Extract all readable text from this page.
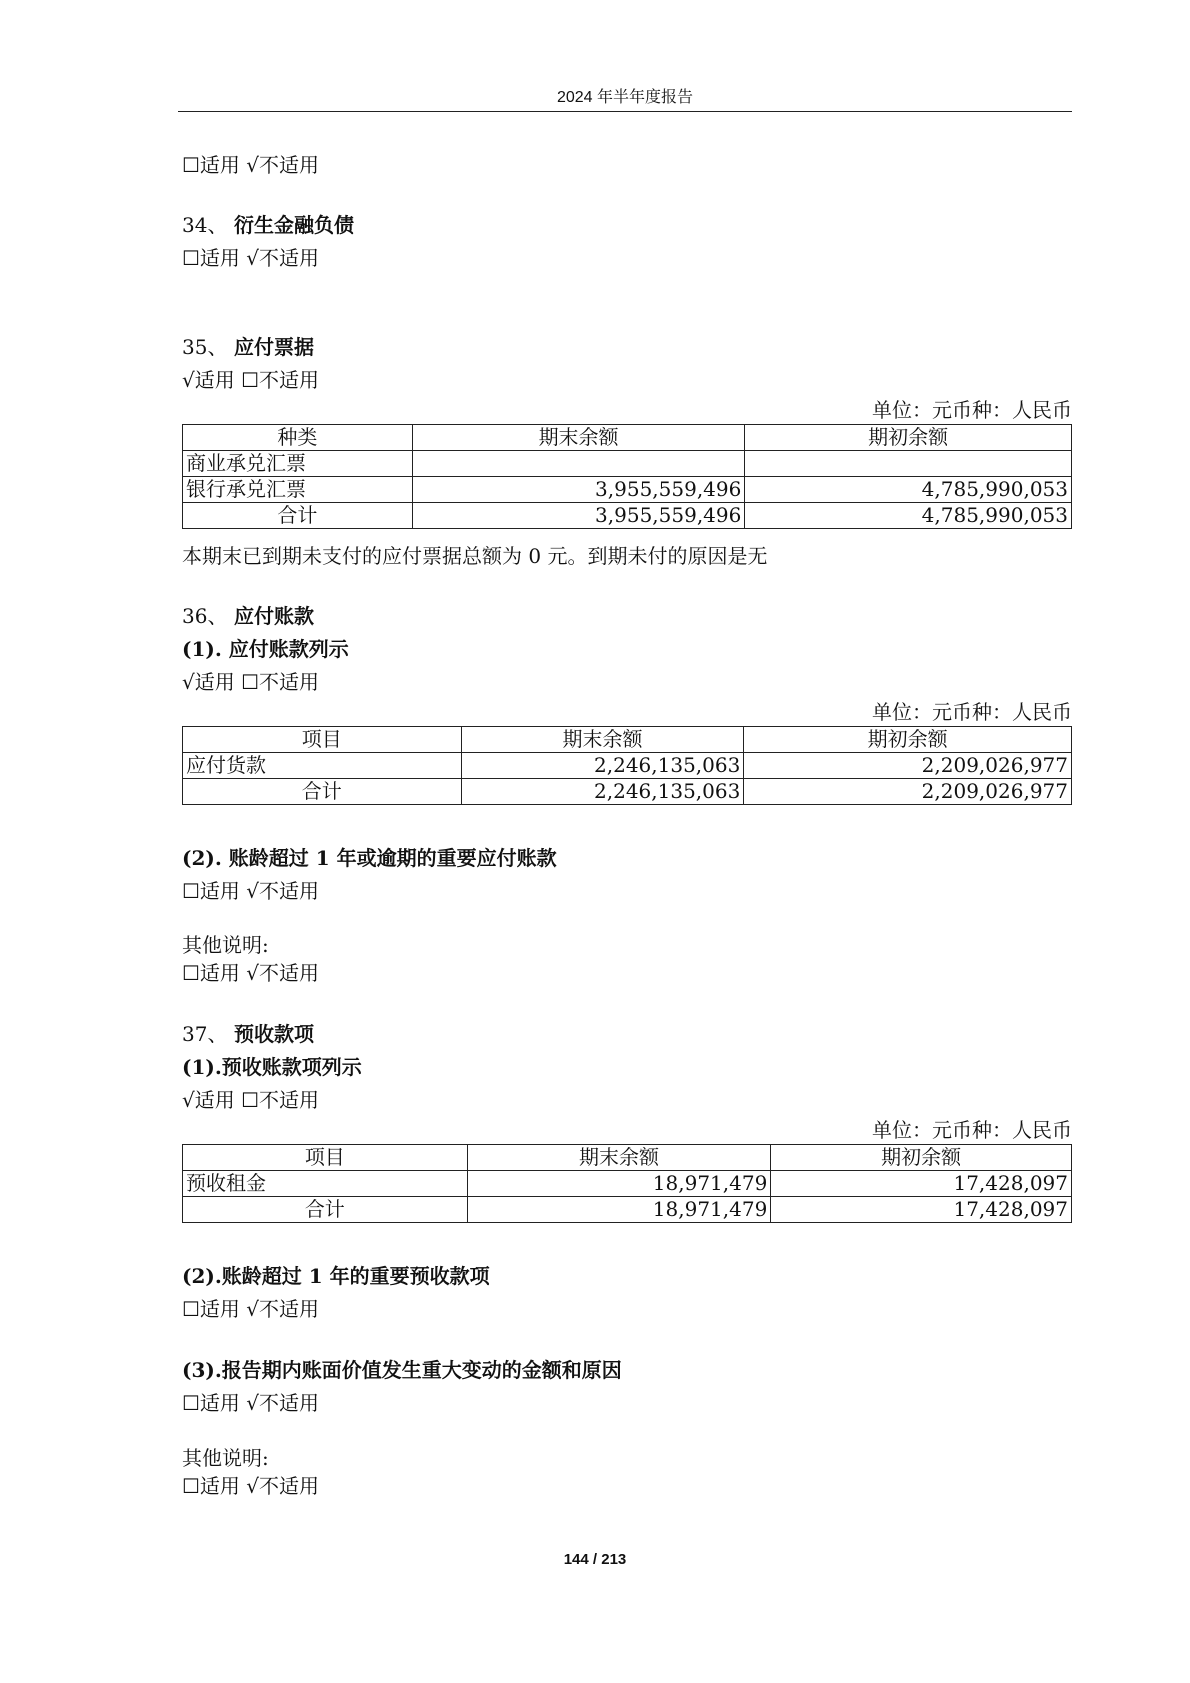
2024 年半年度报告
☐适用 √不适用
34、 衍生金融负债
☐适用 √不适用
35、 应付票据
√适用 ☐不适用
单位：元币种：人民币
种类	期末余额	期初余额
商业承兑汇票		
银行承兑汇票	3,955,559,496	4,785,990,053
合计	3,955,559,496	4,785,990,053
本期末已到期未支付的应付票据总额为 0 元。到期未付的原因是无
36、 应付账款
(1). 应付账款列示
√适用 ☐不适用
单位：元币种：人民币
项目	期末余额	期初余额
应付货款	2,246,135,063	2,209,026,977
合计	2,246,135,063	2,209,026,977
(2). 账龄超过 1 年或逾期的重要应付账款
☐适用 √不适用
其他说明:
☐适用 √不适用
37、 预收款项
(1).预收账款项列示
√适用 ☐不适用
单位：元币种：人民币
项目	期末余额	期初余额
预收租金	18,971,479	17,428,097
合计	18,971,479	17,428,097
(2).账龄超过 1 年的重要预收款项
☐适用 √不适用
(3).报告期内账面价值发生重大变动的金额和原因
☐适用 √不适用
其他说明:
☐适用 √不适用
144 / 213
